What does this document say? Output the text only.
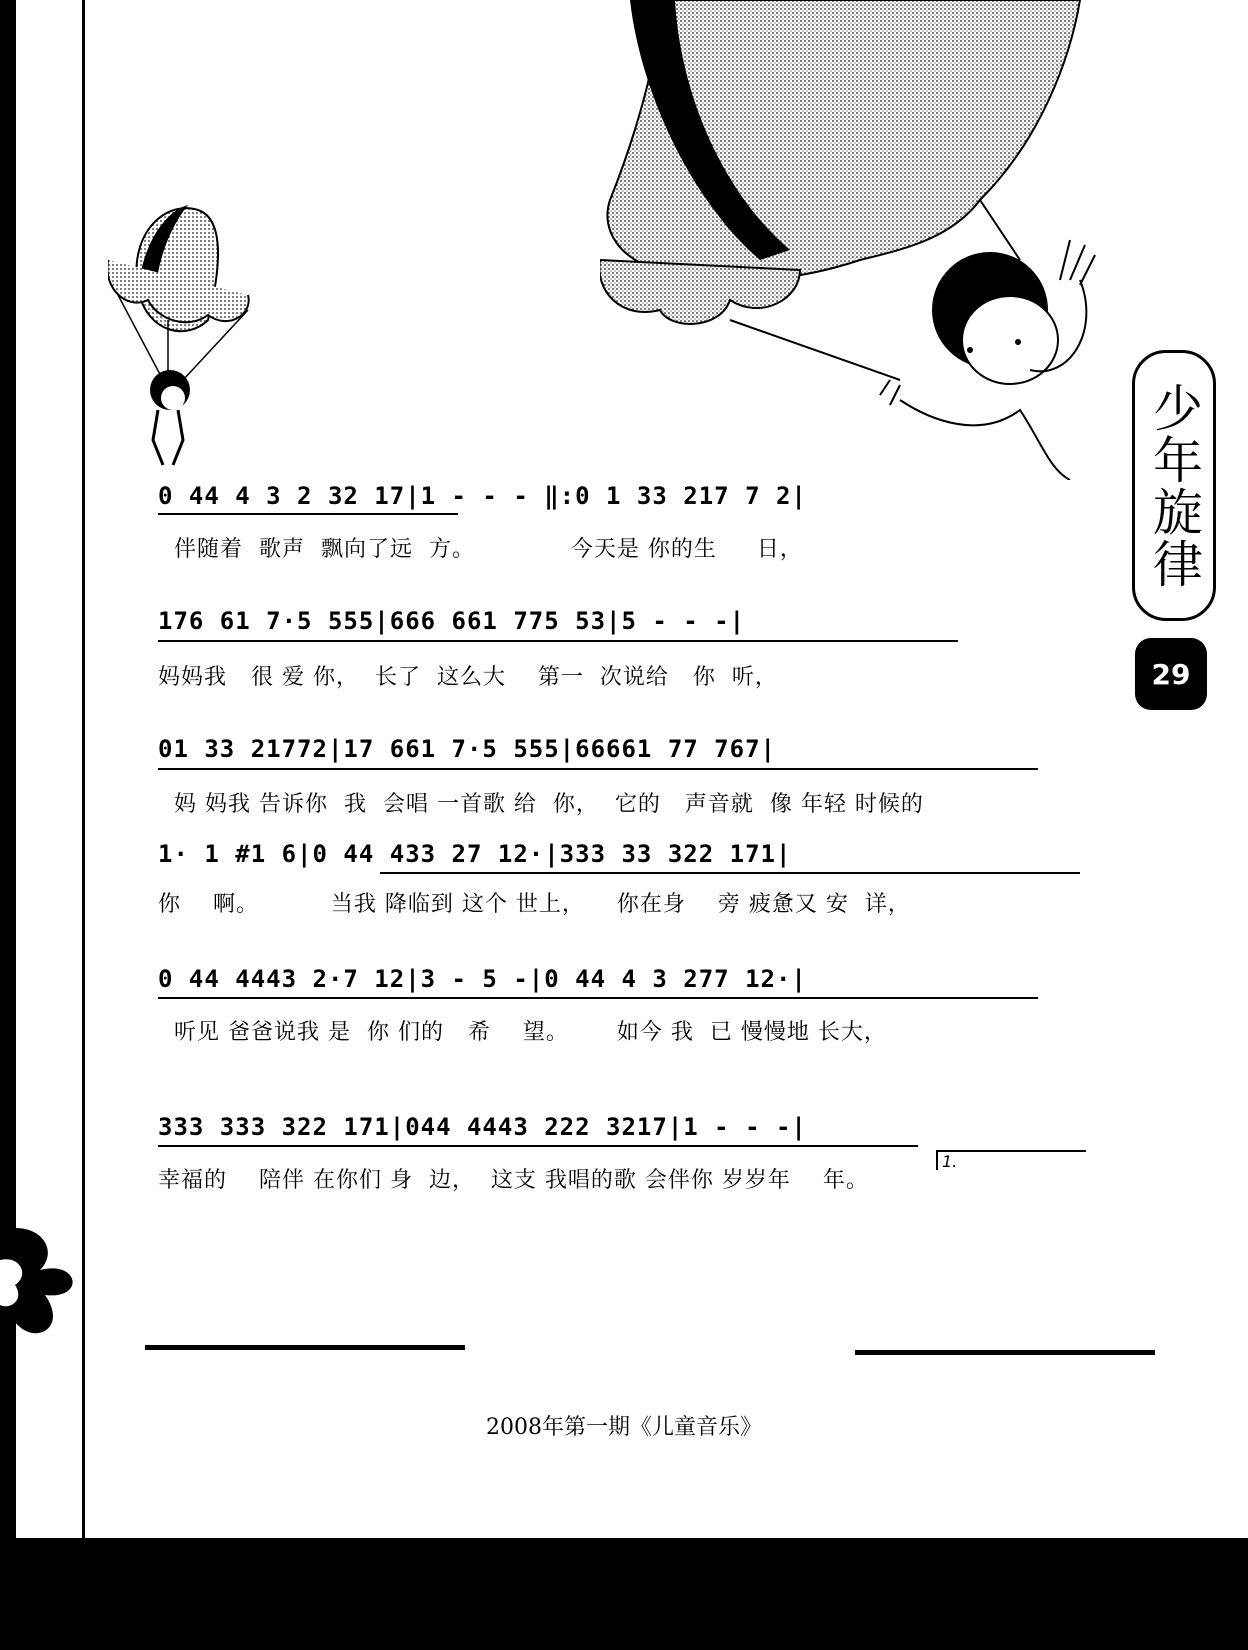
少年旋律
29
0 44 4 3 2 32 17|1 - - - ‖:0 1 33 217 7 2|
伴随着  歌声  飘向了远  方。            今天是 你的生     日，
176 61 7·5 555|666 661 775 53|5 - - -|
妈妈我   很 爱 你，  长了  这么大    第一  次说给   你  听，
01 33 21772|17 661 7·5 555|66661 77 767|
妈 妈我 告诉你  我  会唱 一首歌 给  你，  它的   声音就  像 年轻 时候的
1· 1 #1 6|0 44 433 27 12·|333 33 322 171|
你    啊。         当我 降临到 这个 世上，    你在身    旁 疲惫又 安  详，
0 44 4443 2·7 12|3 - 5 -|0 44 4 3 277 12·|
听见 爸爸说我 是  你 们的   希    望。      如今 我  已 慢慢地 长大，
1.
333 333 322 171|044 4443 222 3217|1 - - -|
幸福的    陪伴 在你们 身  边，  这支 我唱的歌 会伴你 岁岁年    年。
2008年第一期《儿童音乐》
